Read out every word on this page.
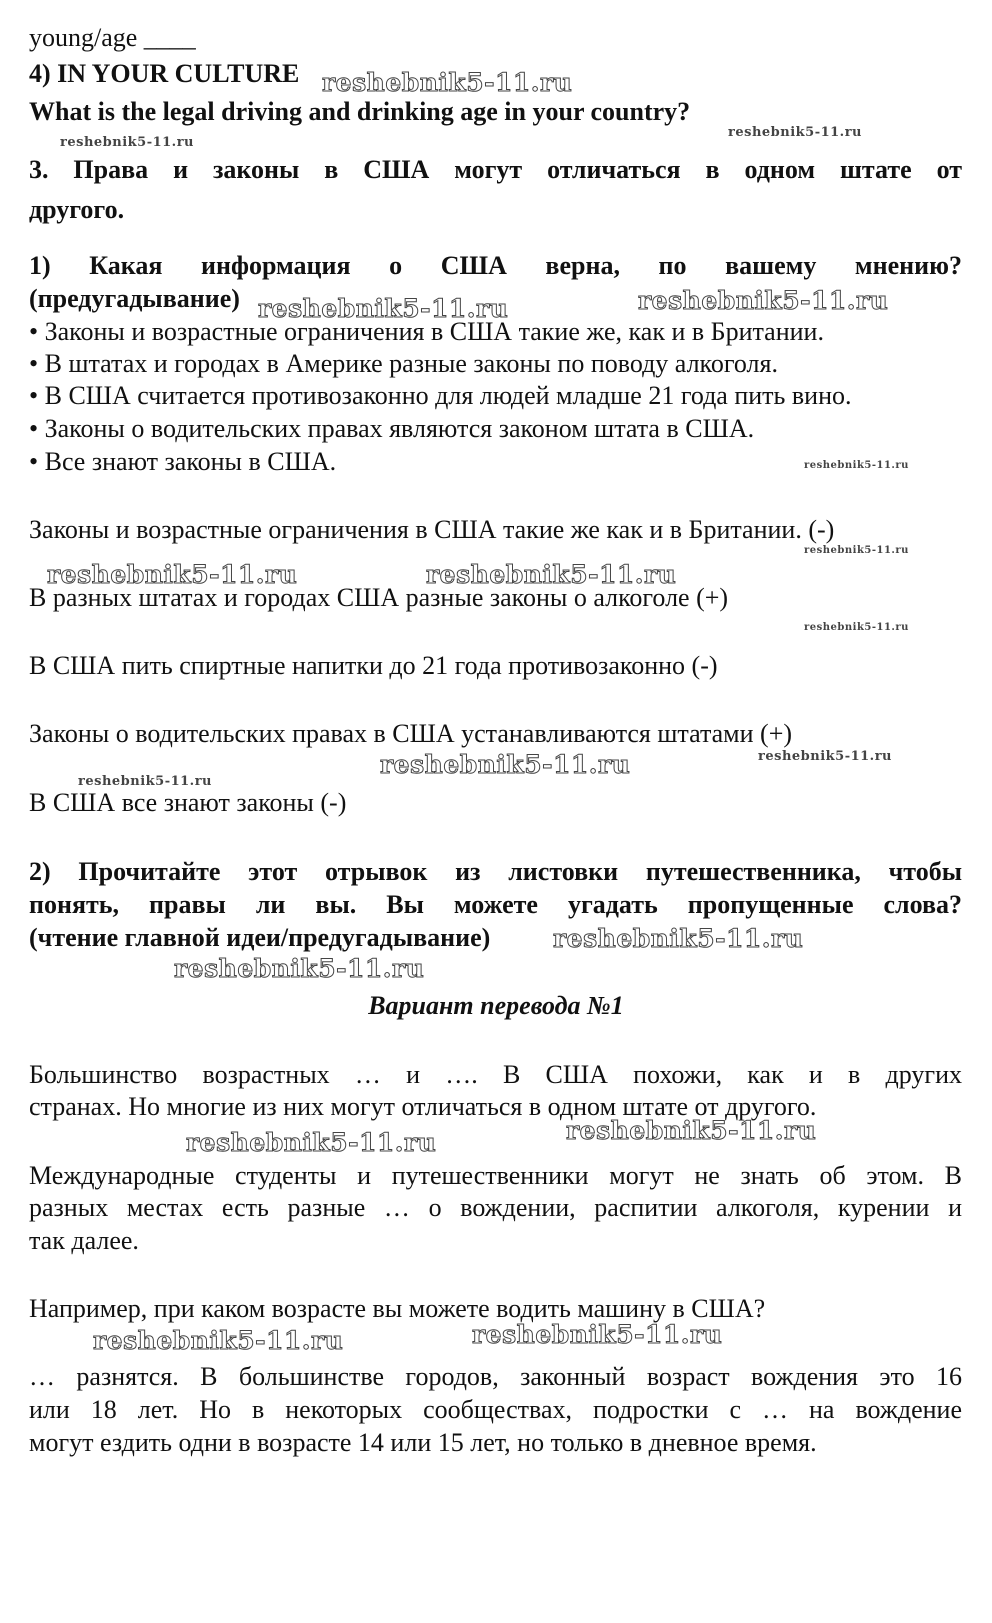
young/age ____
4) IN YOUR CULTURE
What is the legal driving and drinking age in your country?
3. Права и законы в США могут отличаться в одном штате от
другого.
1) Какая информация о США верна, по вашему мнению?
(предугадывание)
• Законы и возрастные ограничения в США такие же, как и в Британии.
• В штатах и городах в Америке разные законы по поводу алкоголя.
• В США считается противозаконно для людей младше 21 года пить вино.
• Законы о водительских правах являются законом штата в США.
• Все знают законы в США.
Законы и возрастные ограничения в США такие же как и в Британии. (-)
В разных штатах и городах США разные законы о алкоголе (+)
В США пить спиртные напитки до 21 года противозаконно (-)
Законы о водительских правах в США устанавливаются штатами (+)
В США все знают законы (-)
2) Прочитайте этот отрывок из листовки путешественника, чтобы
понять, правы ли вы. Вы можете угадать пропущенные слова?
(чтение главной идеи/предугадывание)
Вариант перевода №1
Большинство возрастных … и …. В США похожи, как и в других
странах. Но многие из них могут отличаться в одном штате от другого.
Международные студенты и путешественники могут не знать об этом. В
разных местах есть разные … о вождении, распитии алкоголя, курении и
так далее.
Например, при каком возрасте вы можете водить машину в США?
… разнятся. В большинстве городов, законный возраст вождения это 16
или 18 лет. Но в некоторых сообществах, подростки с … на вождение
могут ездить одни в возрасте 14 или 15 лет, но только в дневное время.
reshebnik5-11.ru
reshebnik5-11.ru
reshebnik5-11.ru
reshebnik5-11.ru	reshebnik5-11.ru
reshebnik5-11.ru
reshebnik5-11.ru
reshebnik5-11.ru	reshebnik5-11.ru
reshebnik5-11.ru
reshebnik5-11.ru
reshebnik5-11.ru
reshebnik5-11.ru
reshebnik5-11.ru
reshebnik5-11.ru
reshebnik5-11.ru	reshebnik5-11.ru
reshebnik5-11.ru	reshebnik5-11.ru
